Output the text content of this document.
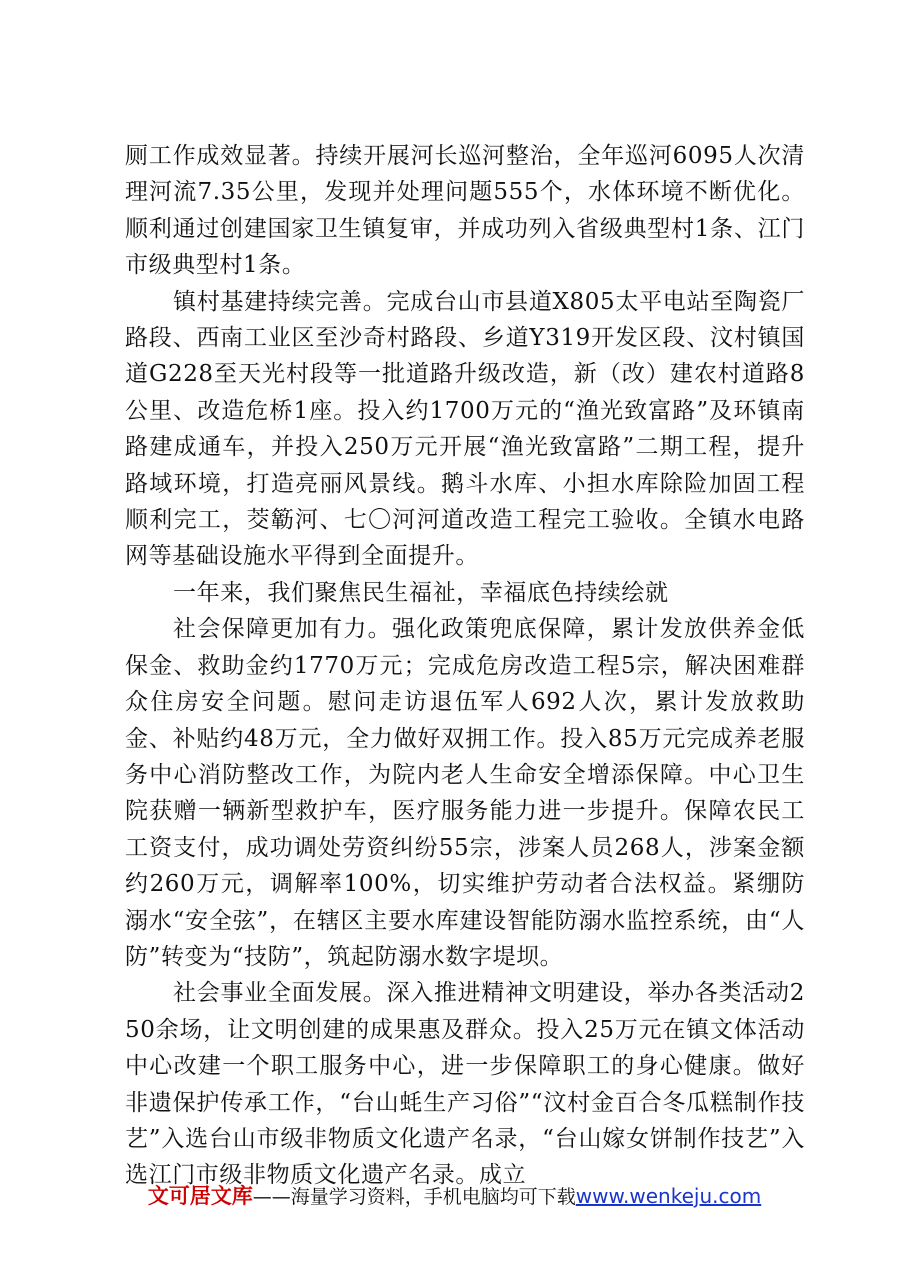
厕工作成效显著。持续开展河长巡河整治，全年巡河6095人次清理河流7.35公里，发现并处理问题555个，水体环境不断优化。顺利通过创建国家卫生镇复审，并成功列入省级典型村1条、江门市级典型村1条。

镇村基建持续完善。完成台山市县道X805太平电站至陶瓷厂路段、西南工业区至沙奇村路段、乡道Y319开发区段、汶村镇国道G228至天光村段等一批道路升级改造，新（改）建农村道路8公里、改造危桥1座。投入约1700万元的“渔光致富路”及环镇南路建成通车，并投入250万元开展“渔光致富路”二期工程，提升路域环境，打造亮丽风景线。鹅斗水库、小担水库除险加固工程顺利完工，茭簕河、七〇河河道改造工程完工验收。全镇水电路网等基础设施水平得到全面提升。

一年来，我们聚焦民生福祉，幸福底色持续绘就

社会保障更加有力。强化政策兜底保障，累计发放供养金低保金、救助金约1770万元；完成危房改造工程5宗，解决困难群众住房安全问题。慰问走访退伍军人692人次，累计发放救助金、补贴约48万元，全力做好双拥工作。投入85万元完成养老服务中心消防整改工作，为院内老人生命安全增添保障。中心卫生院获赠一辆新型救护车，医疗服务能力进一步提升。保障农民工工资支付，成功调处劳资纠纷55宗，涉案人员268人，涉案金额约260万元，调解率100%，切实维护劳动者合法权益。紧绷防溺水“安全弦”，在辖区主要水库建设智能防溺水监控系统，由“人防”转变为“技防”，筑起防溺水数字堤坝。

社会事业全面发展。深入推进精神文明建设，举办各类活动250余场，让文明创建的成果惠及群众。投入25万元在镇文体活动中心改建一个职工服务中心，进一步保障职工的身心健康。做好非遗保护传承工作，“台山蚝生产习俗”“汶村金百合冬瓜糕制作技艺”入选台山市级非物质文化遗产名录，“台山嫁女饼制作技艺”入选江门市级非物质文化遗产名录。成立

文可居文库——海量学习资料，手机电脑均可下载www.wenkeju.com
